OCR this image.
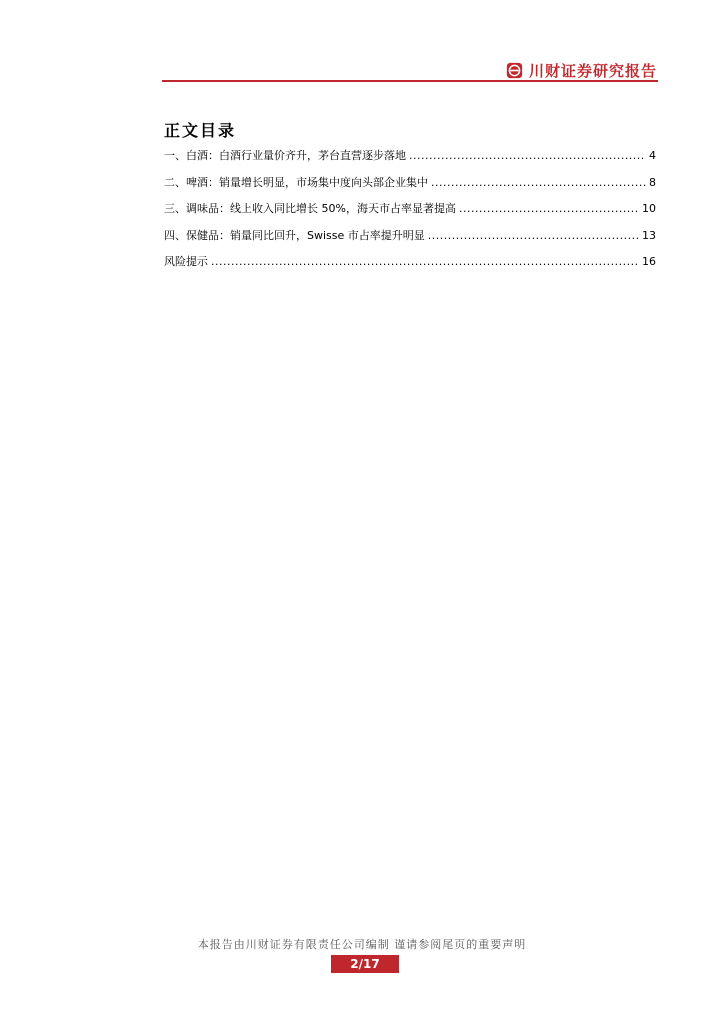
川财证券研究报告
正文目录
一、白酒：白酒行业量价齐升，茅台直营逐步落地 .....	4
二、啤酒：销量增长明显，市场集中度向头部企业集中 .....	8
三、调味品：线上收入同比增长 50%，海天市占率显著提高 .....	10
四、保健品：销量同比回升，Swisse 市占率提升明显 .....	13
风险提示 .....	16
本报告由川财证券有限责任公司编制 谨请参阅尾页的重要声明
2/17
